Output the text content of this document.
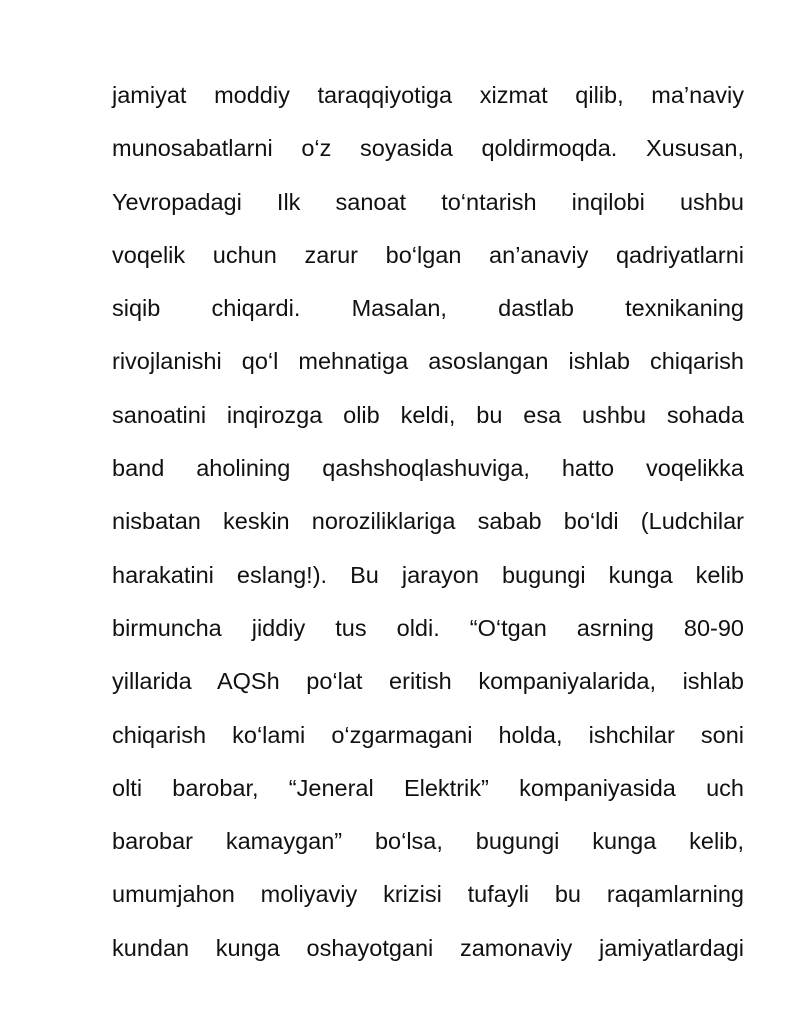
jamiyat moddiy taraqqiyotiga xizmat qilib, ma’naviy
munosabatlarni o‘z soyasida qoldirmoqda. Xususan,
Yevropadagi Ilk sanoat to‘ntarish inqilobi ushbu
voqelik uchun zarur bo‘lgan an’anaviy qadriyatlarni
siqib chiqardi. Masalan, dastlab texnikaning
rivojlanishi qo‘l mehnatiga asoslangan ishlab chiqarish
sanoatini inqirozga olib keldi, bu esa ushbu sohada
band aholining qashshoqlashuviga, hatto voqelikka
nisbatan keskin noroziliklariga sabab bo‘ldi (Ludchilar
harakatini eslang!). Bu jarayon bugungi kunga kelib
birmuncha jiddiy tus oldi. “O‘tgan asrning 80-90
yillarida AQSh po‘lat eritish kompaniyalarida, ishlab
chiqarish ko‘lami o‘zgarmagani holda, ishchilar soni
olti barobar, “Jeneral Elektrik” kompaniyasida uch
barobar kamaygan” bo‘lsa, bugungi kunga kelib,
umumjahon moliyaviy krizisi tufayli bu raqamlarning
kundan kunga oshayotgani zamonaviy jamiyatlardagi
